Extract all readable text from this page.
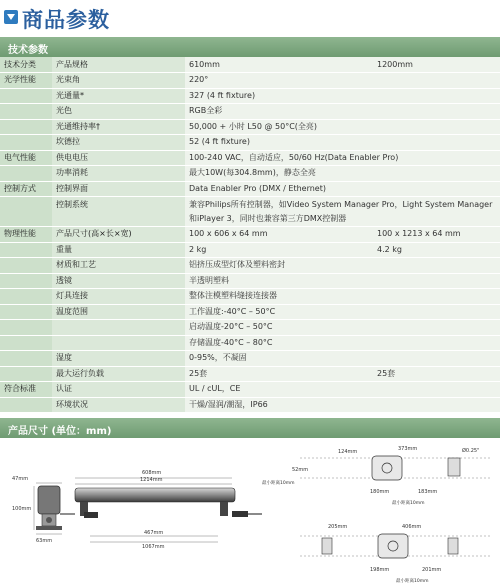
商品参数
技术参数
技术分类	产品规格	610mm	1200mm
光学性能	光束角	220°	
	光通量*	327 (4 ft fixture)	
	光色	RGB全彩	
	光通维持率†	50,000 + 小时 L50 @ 50°C(全亮)	
	坎德拉	52 (4 ft fixture)	
电气性能	供电电压	100-240 VAC，自动适应，50/60 Hz(Data Enabler Pro)	
	功率消耗	最大10W(每304.8mm)，静态全亮	
控制方式	控制界面	Data Enabler Pro (DMX / Ethernet)	
	控制系统	兼容Philips所有控制器，如Video System Manager Pro，Light System Manager和iPlayer 3，同时也兼容第三方DMX控制器	
物理性能	产品尺寸(高×长×宽)	100 x 606 x 64 mm	100 x 1213 x 64 mm
	重量	2 kg	4.2 kg
	材质和工艺	铝挤压成型灯体及塑料密封	
	透镜	半透明塑料	
	灯具连接	整体注模塑料缝接连接器	
	温度范围	工作温度:-40°C – 50°C	
		启动温度-20°C – 50°C	
		存储温度-40°C – 80°C	
	湿度	0-95%，不凝固	
	最大运行负载	25套	25套
符合标准	认证	UL / cUL，CE	
	环境状况	干燥/湿润/潮湿，IP66	
产品尺寸 (单位：mm)
47mm
100mm
63mm
608mm
1214mm
467mm
1067mm
最小距离10mm
124mm	373mm	Ø0.25"
52mm
180mm	183mm
最小距离10mm
205mm	406mm
198mm	201mm
最小距离10mm
